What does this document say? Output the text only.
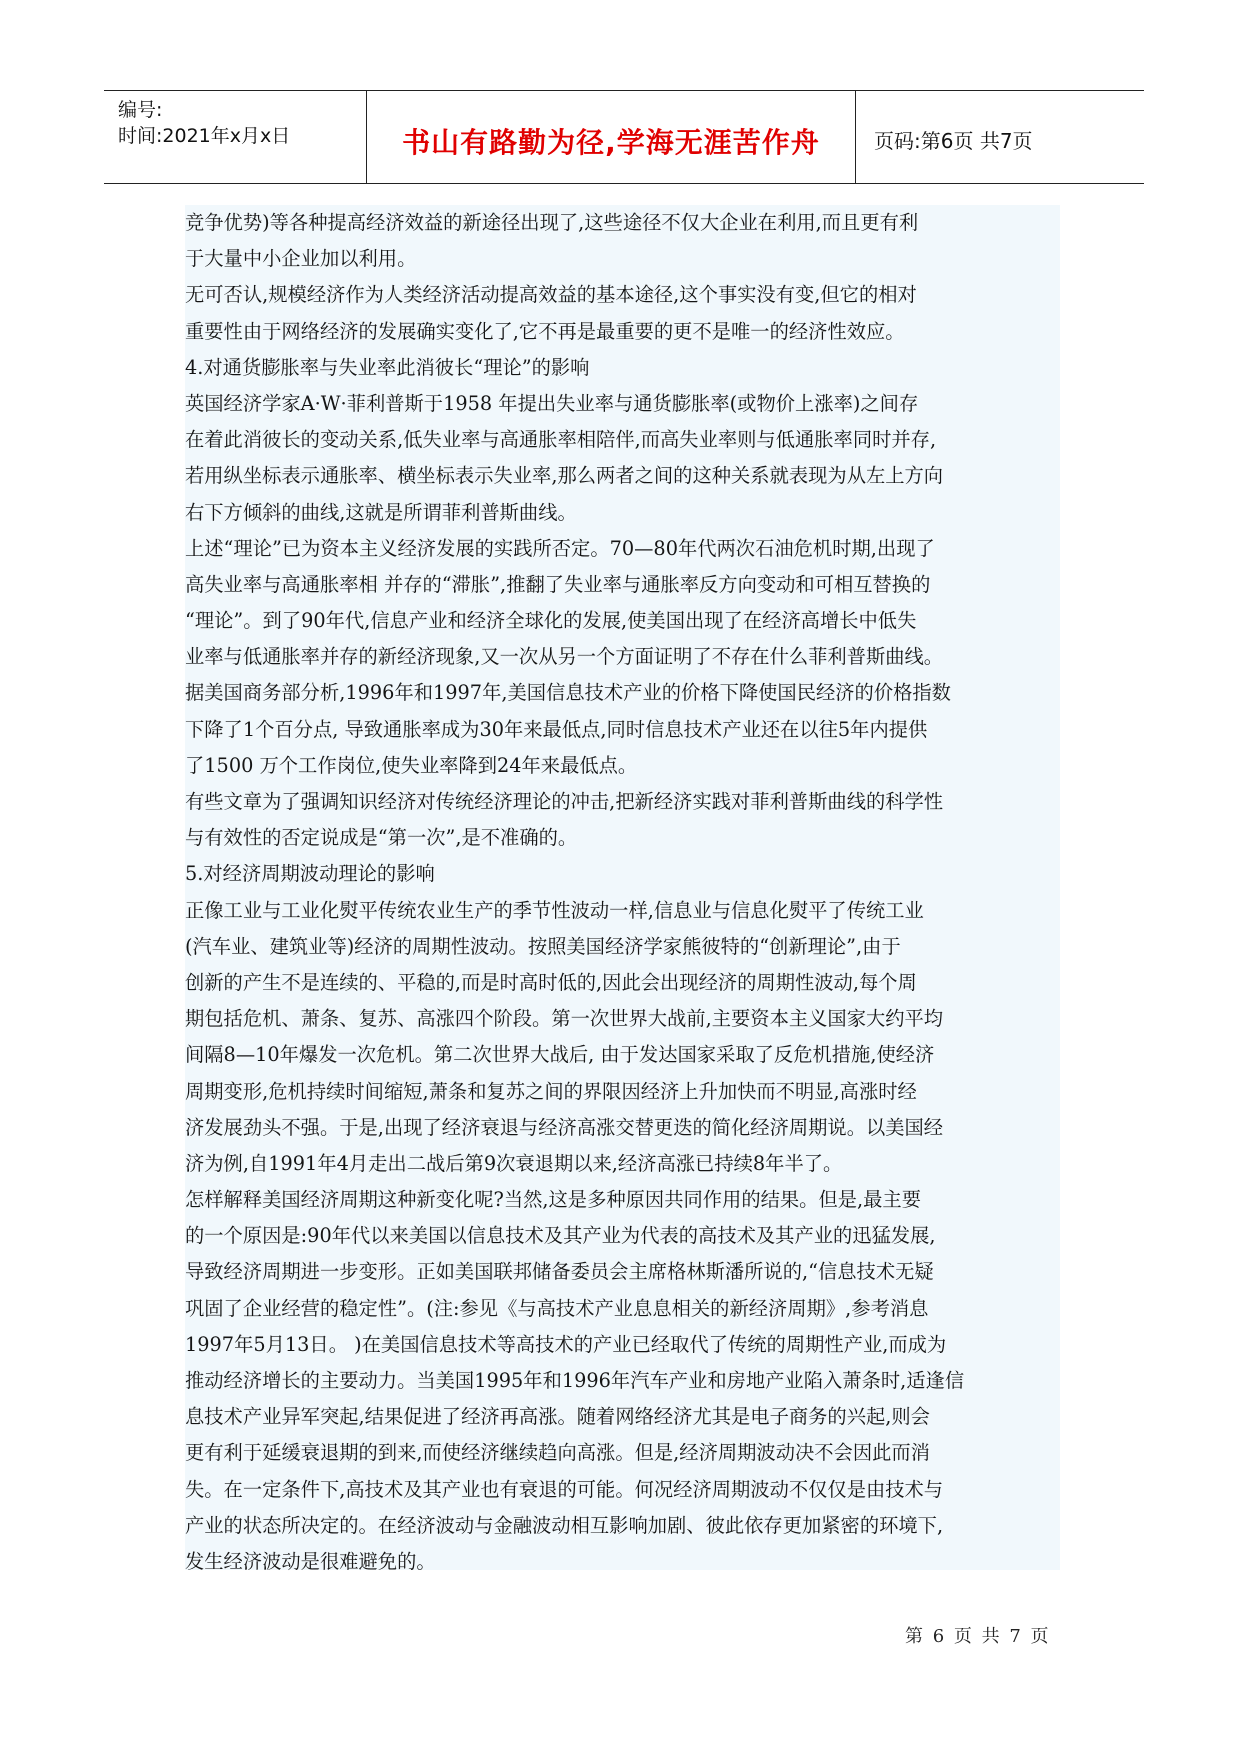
编号:
时间:2021年x月x日	书山有路勤为径,学海无涯苦作舟	页码:第6页 共7页
竞争优势)等各种提高经济效益的新途径出现了,这些途径不仅大企业在利用,而且更有利
于大量中小企业加以利用。
无可否认,规模经济作为人类经济活动提高效益的基本途径,这个事实没有变,但它的相对
重要性由于网络经济的发展确实变化了,它不再是最重要的更不是唯一的经济性效应。
4.对通货膨胀率与失业率此消彼长“理论”的影响
英国经济学家A·W·菲利普斯于1958 年提出失业率与通货膨胀率(或物价上涨率)之间存
在着此消彼长的变动关系,低失业率与高通胀率相陪伴,而高失业率则与低通胀率同时并存,
若用纵坐标表示通胀率、横坐标表示失业率,那么两者之间的这种关系就表现为从左上方向
右下方倾斜的曲线,这就是所谓菲利普斯曲线。
上述“理论”已为资本主义经济发展的实践所否定。70—80年代两次石油危机时期,出现了
高失业率与高通胀率相 并存的“滞胀”,推翻了失业率与通胀率反方向变动和可相互替换的
“理论”。到了90年代,信息产业和经济全球化的发展,使美国出现了在经济高增长中低失
业率与低通胀率并存的新经济现象,又一次从另一个方面证明了不存在什么菲利普斯曲线。
据美国商务部分析,1996年和1997年,美国信息技术产业的价格下降使国民经济的价格指数
下降了1个百分点, 导致通胀率成为30年来最低点,同时信息技术产业还在以往5年内提供
了1500 万个工作岗位,使失业率降到24年来最低点。
有些文章为了强调知识经济对传统经济理论的冲击,把新经济实践对菲利普斯曲线的科学性
与有效性的否定说成是“第一次”,是不准确的。
5.对经济周期波动理论的影响
正像工业与工业化熨平传统农业生产的季节性波动一样,信息业与信息化熨平了传统工业
(汽车业、建筑业等)经济的周期性波动。按照美国经济学家熊彼特的“创新理论”,由于
创新的产生不是连续的、平稳的,而是时高时低的,因此会出现经济的周期性波动,每个周
期包括危机、萧条、复苏、高涨四个阶段。第一次世界大战前,主要资本主义国家大约平均
间隔8—10年爆发一次危机。第二次世界大战后, 由于发达国家采取了反危机措施,使经济
周期变形,危机持续时间缩短,萧条和复苏之间的界限因经济上升加快而不明显,高涨时经
济发展劲头不强。于是,出现了经济衰退与经济高涨交替更迭的简化经济周期说。以美国经
济为例,自1991年4月走出二战后第9次衰退期以来,经济高涨已持续8年半了。
怎样解释美国经济周期这种新变化呢?当然,这是多种原因共同作用的结果。但是,最主要
的一个原因是:90年代以来美国以信息技术及其产业为代表的高技术及其产业的迅猛发展,
导致经济周期进一步变形。正如美国联邦储备委员会主席格林斯潘所说的,“信息技术无疑
巩固了企业经营的稳定性”。(注:参见《与高技术产业息息相关的新经济周期》,参考消息
1997年5月13日。 )在美国信息技术等高技术的产业已经取代了传统的周期性产业,而成为
推动经济增长的主要动力。当美国1995年和1996年汽车产业和房地产业陷入萧条时,适逢信
息技术产业异军突起,结果促进了经济再高涨。随着网络经济尤其是电子商务的兴起,则会
更有利于延缓衰退期的到来,而使经济继续趋向高涨。但是,经济周期波动决不会因此而消
失。在一定条件下,高技术及其产业也有衰退的可能。何况经济周期波动不仅仅是由技术与
产业的状态所决定的。在经济波动与金融波动相互影响加剧、彼此依存更加紧密的环境下,
发生经济波动是很难避免的。
第 6 页 共 7 页
